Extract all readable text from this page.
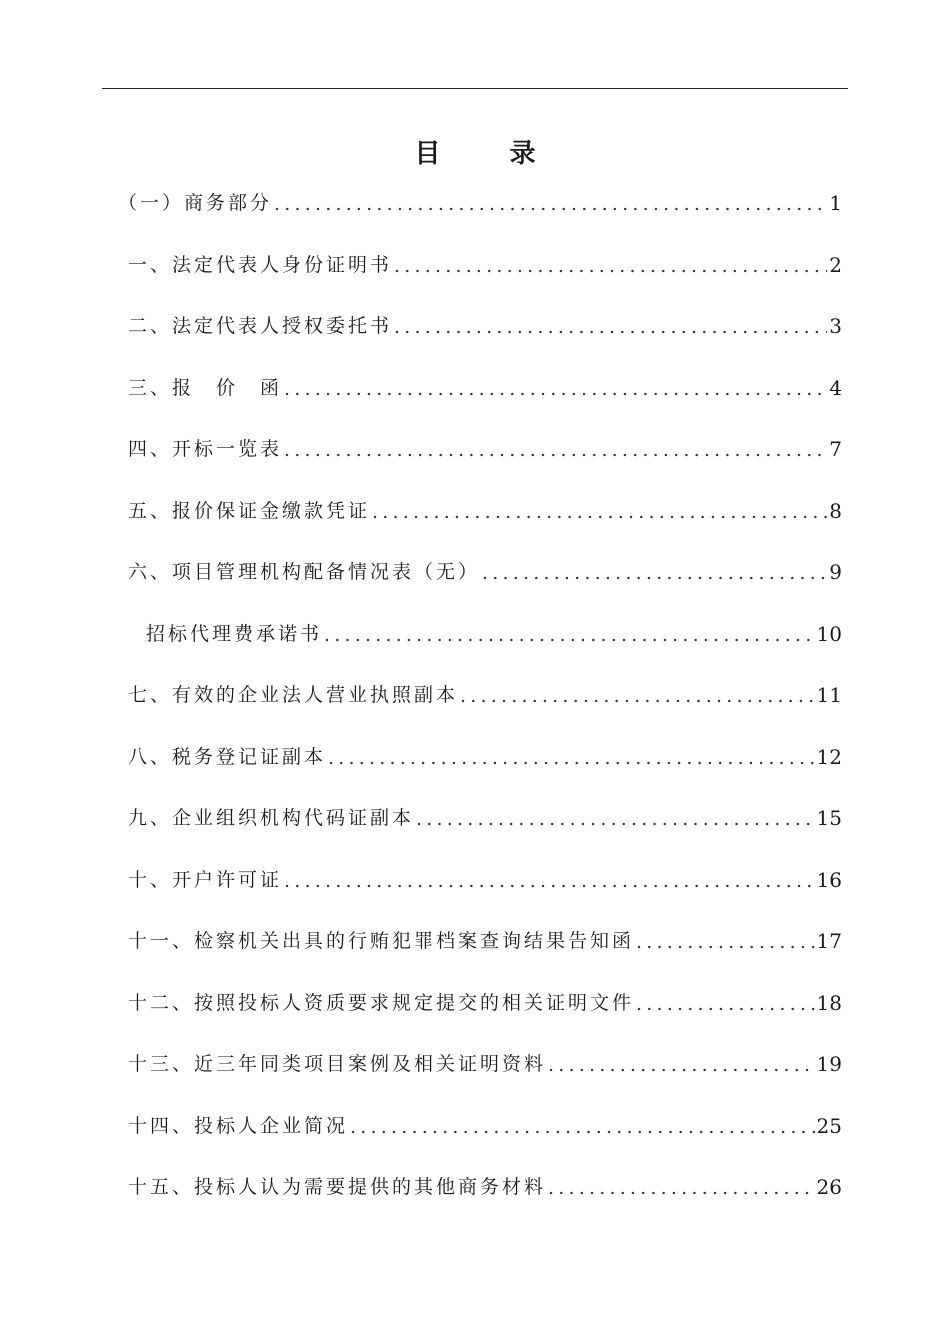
目 录
（一）商务部分 .....	1
一、法定代表人身份证明书 .....	2
二、法定代表人授权委托书 .....	3
三、报　价　函 .....	4
四、开标一览表 .....	7
五、报价保证金缴款凭证 .....	8
六、项目管理机构配备情况表（无） .....	9
招标代理费承诺书 .....	10
七、有效的企业法人营业执照副本 .....	11
八、税务登记证副本 .....	12
九、企业组织机构代码证副本 .....	15
十、开户许可证 .....	16
十一、检察机关出具的行贿犯罪档案查询结果告知函 .....	17
十二、按照投标人资质要求规定提交的相关证明文件 .....	18
十三、近三年同类项目案例及相关证明资料 .....	19
十四、投标人企业简况 .....	25
十五、投标人认为需要提供的其他商务材料 .....	26
